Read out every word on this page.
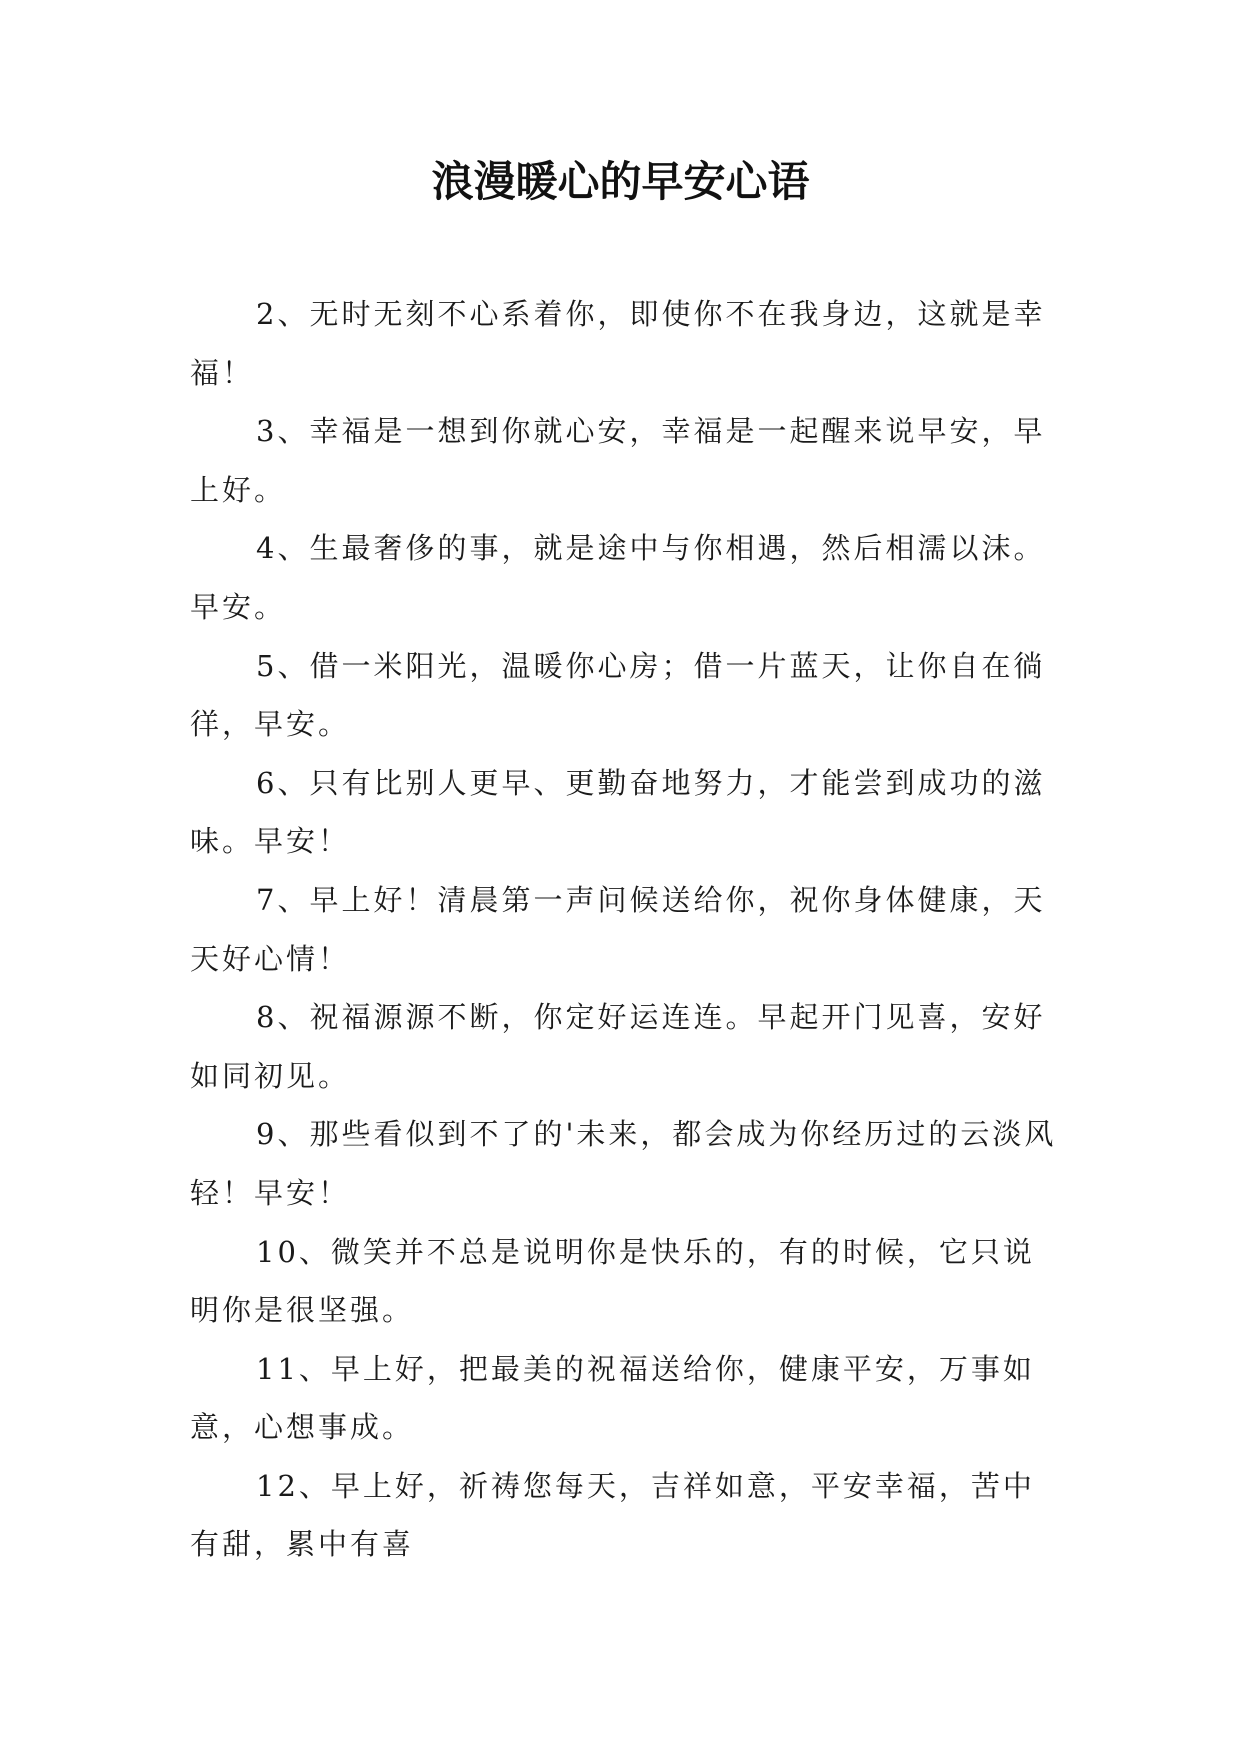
浪漫暖心的早安心语

2、无时无刻不心系着你，即使你不在我身边，这就是幸福！

3、幸福是一想到你就心安，幸福是一起醒来说早安，早上好。

4、生最奢侈的事，就是途中与你相遇，然后相濡以沫。早安。

5、借一米阳光，温暖你心房；借一片蓝天，让你自在徜徉，早安。

6、只有比别人更早、更勤奋地努力，才能尝到成功的滋味。早安！

7、早上好！清晨第一声问候送给你，祝你身体健康，天天好心情！

8、祝福源源不断，你定好运连连。早起开门见喜，安好如同初见。

9、那些看似到不了的'未来，都会成为你经历过的云淡风轻！早安！

10、微笑并不总是说明你是快乐的，有的时候，它只说明你是很坚强。

11、早上好，把最美的祝福送给你，健康平安，万事如意，心想事成。

12、早上好，祈祷您每天，吉祥如意，平安幸福，苦中有甜，累中有喜
